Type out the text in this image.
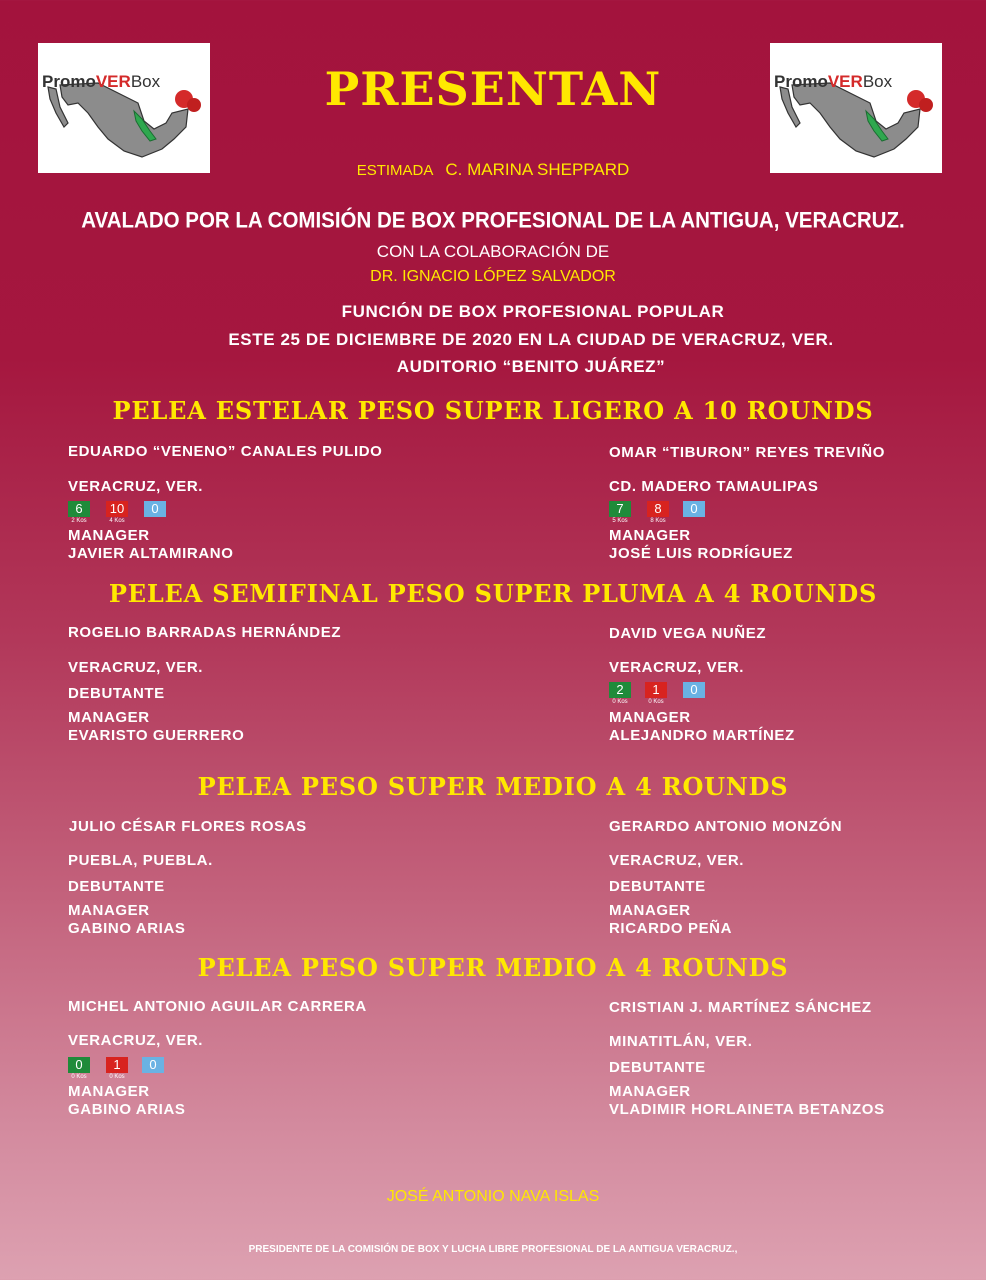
PromoVERBox	PromoVERBox
PRESENTAN
ESTIMADA C. MARINA SHEPPARD
AVALADO POR LA COMISIÓN DE BOX PROFESIONAL DE LA ANTIGUA, VERACRUZ.
CON LA COLABORACIÓN DE
DR. IGNACIO LÓPEZ SALVADOR
FUNCIÓN DE BOX PROFESIONAL POPULAR
ESTE 25 DE DICIEMBRE DE 2020 EN LA CIUDAD DE VERACRUZ, VER.
AUDITORIO “BENITO JUÁREZ”
PELEA ESTELAR PESO SUPER LIGERO A 10 ROUNDS
EDUARDO “VENENO” CANALES PULIDO
VERACRUZ, VER.
6
2 Kos
10
4 Kos
0
MANAGER
JAVIER ALTAMIRANO
OMAR “TIBURON” REYES TREVIÑO
CD. MADERO TAMAULIPAS
7
5 Kos
8
8 Kos
0
MANAGER
JOSÉ LUIS RODRÍGUEZ
PELEA SEMIFINAL PESO SUPER PLUMA A 4 ROUNDS
ROGELIO BARRADAS HERNÁNDEZ
VERACRUZ, VER.
DEBUTANTE
MANAGER
EVARISTO GUERRERO
DAVID VEGA NUÑEZ
VERACRUZ, VER.
2
0 Kos
1
0 Kos
0
MANAGER
ALEJANDRO MARTÍNEZ
PELEA PESO SUPER MEDIO A 4 ROUNDS
JULIO CÉSAR FLORES ROSAS
PUEBLA, PUEBLA.
DEBUTANTE
MANAGER
GABINO ARIAS
GERARDO ANTONIO MONZÓN
VERACRUZ, VER.
DEBUTANTE
MANAGER
RICARDO PEÑA
PELEA PESO SUPER MEDIO A 4 ROUNDS
MICHEL ANTONIO AGUILAR CARRERA
VERACRUZ, VER.
0
0 Kos
1
0 Kos
0
MANAGER
GABINO ARIAS
CRISTIAN J. MARTÍNEZ SÁNCHEZ
MINATITLÁN, VER.
DEBUTANTE
MANAGER
VLADIMIR HORLAINETA BETANZOS
JOSÉ ANTONIO NAVA ISLAS
PRESIDENTE DE LA COMISIÓN DE BOX Y LUCHA LIBRE PROFESIONAL DE LA ANTIGUA VERACRUZ.,
